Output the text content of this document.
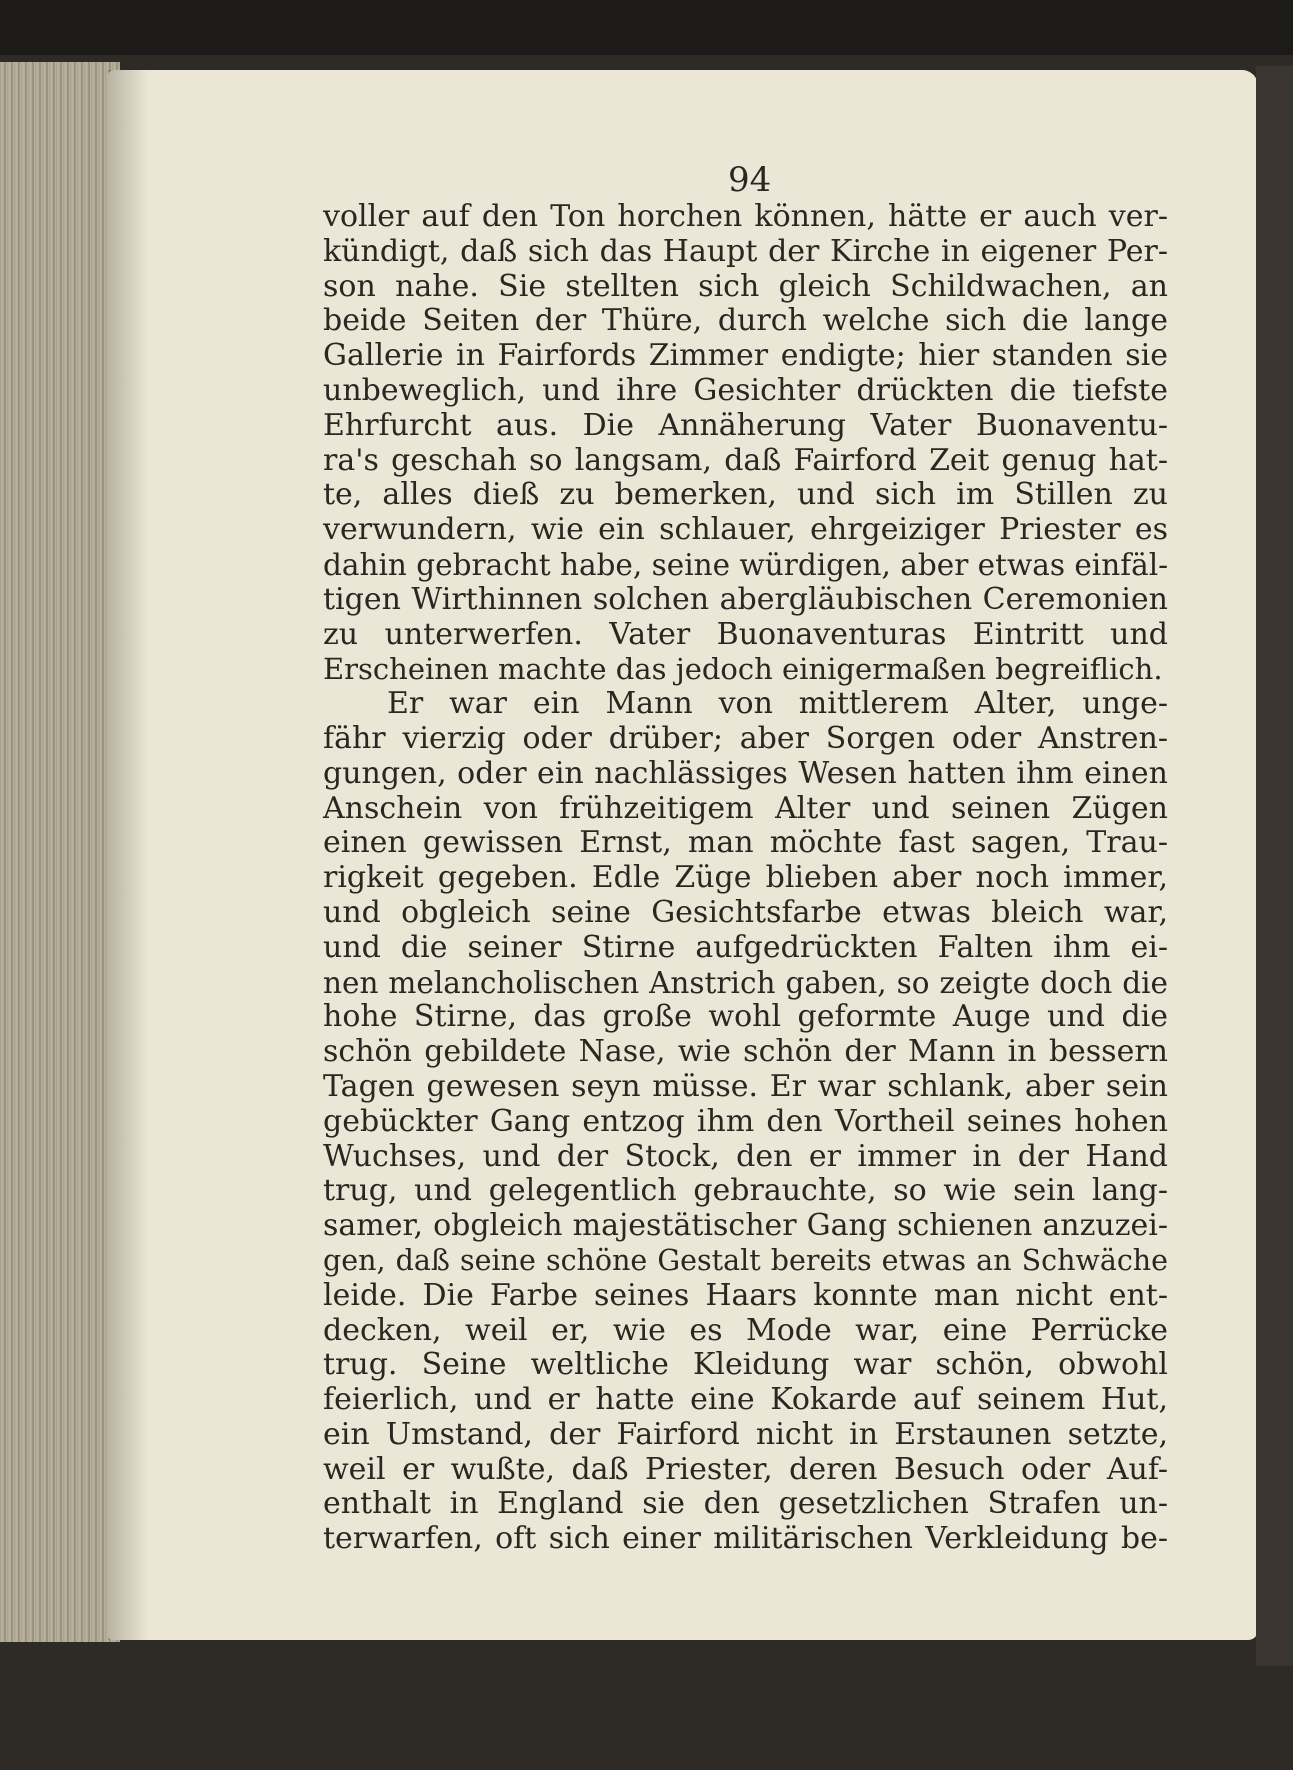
94
voller auf den Ton horchen können, hätte er auch ver-
kündigt, daß sich das Haupt der Kirche in eigener Per-
son nahe. Sie stellten sich gleich Schildwachen, an
beide Seiten der Thüre, durch welche sich die lange
Gallerie in Fairfords Zimmer endigte; hier standen sie
unbeweglich, und ihre Gesichter drückten die tiefste
Ehrfurcht aus. Die Annäherung Vater Buonaventu-
ra's geschah so langsam, daß Fairford Zeit genug hat-
te, alles dieß zu bemerken, und sich im Stillen zu
verwundern, wie ein schlauer, ehrgeiziger Priester es
dahin gebracht habe, seine würdigen, aber etwas einfäl-
tigen Wirthinnen solchen abergläubischen Ceremonien
zu unterwerfen. Vater Buonaventuras Eintritt und
Erscheinen machte das jedoch einigermaßen begreiflich.
Er war ein Mann von mittlerem Alter, unge-
fähr vierzig oder drüber; aber Sorgen oder Anstren-
gungen, oder ein nachlässiges Wesen hatten ihm einen
Anschein von frühzeitigem Alter und seinen Zügen
einen gewissen Ernst, man möchte fast sagen, Trau-
rigkeit gegeben. Edle Züge blieben aber noch immer,
und obgleich seine Gesichtsfarbe etwas bleich war,
und die seiner Stirne aufgedrückten Falten ihm ei-
nen melancholischen Anstrich gaben, so zeigte doch die
hohe Stirne, das große wohl geformte Auge und die
schön gebildete Nase, wie schön der Mann in bessern
Tagen gewesen seyn müsse. Er war schlank, aber sein
gebückter Gang entzog ihm den Vortheil seines hohen
Wuchses, und der Stock, den er immer in der Hand
trug, und gelegentlich gebrauchte, so wie sein lang-
samer, obgleich majestätischer Gang schienen anzuzei-
gen, daß seine schöne Gestalt bereits etwas an Schwäche
leide. Die Farbe seines Haars konnte man nicht ent-
decken, weil er, wie es Mode war, eine Perrücke
trug. Seine weltliche Kleidung war schön, obwohl
feierlich, und er hatte eine Kokarde auf seinem Hut,
ein Umstand, der Fairford nicht in Erstaunen setzte,
weil er wußte, daß Priester, deren Besuch oder Auf-
enthalt in England sie den gesetzlichen Strafen un-
terwarfen, oft sich einer militärischen Verkleidung be-
